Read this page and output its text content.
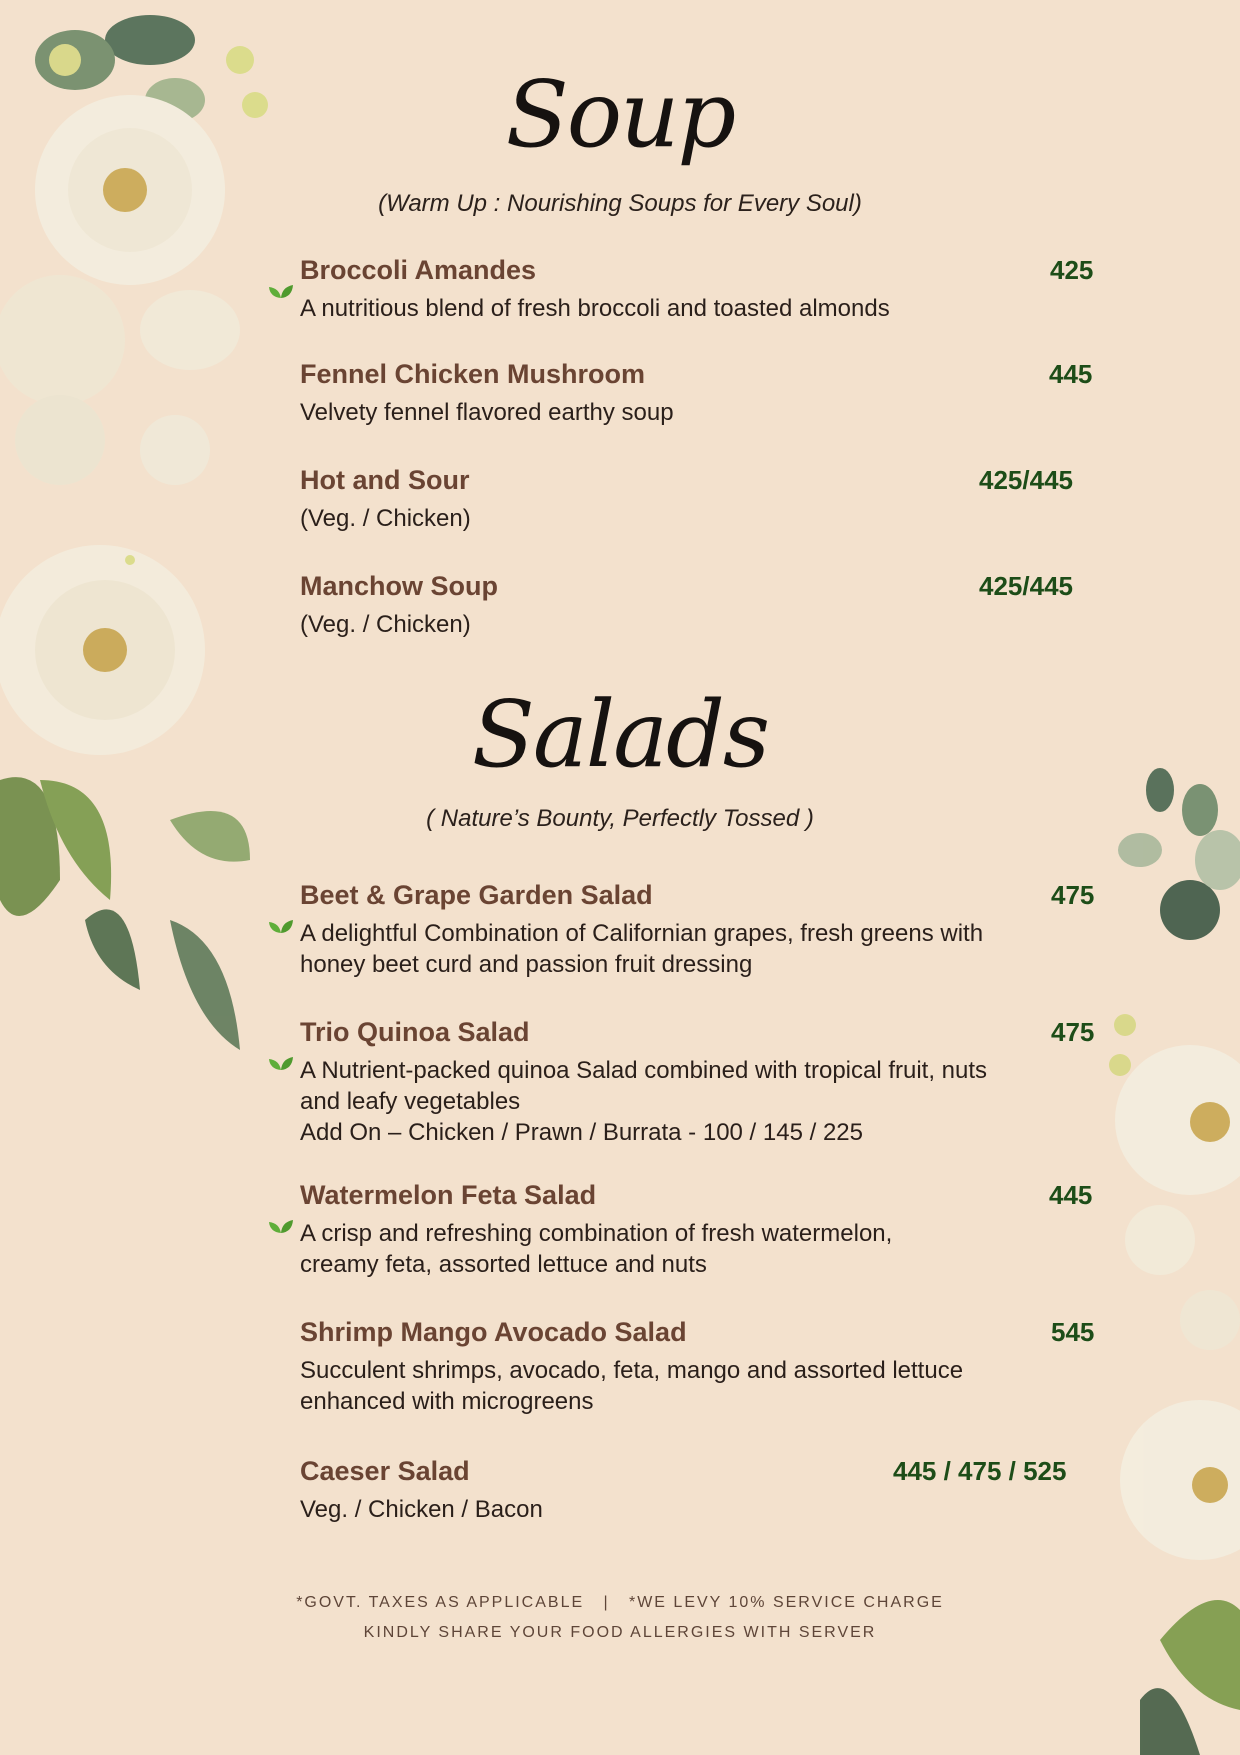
Soup
(Warm Up : Nourishing Soups for Every Soul)
Broccoli Amandes	425
A nutritious blend of fresh broccoli and toasted almonds
Fennel Chicken Mushroom	445
Velvety fennel flavored earthy soup
Hot and Sour	425/445
(Veg. / Chicken)
Manchow Soup	425/445
(Veg. / Chicken)
Salads
( Nature’s Bounty, Perfectly Tossed )
Beet & Grape Garden Salad	475
A delightful Combination of Californian grapes, fresh greens with
honey beet curd and passion fruit dressing
Trio Quinoa Salad	475
A Nutrient-packed quinoa Salad combined with tropical fruit, nuts
and leafy vegetables
Add On – Chicken / Prawn / Burrata - 100 / 145 / 225
Watermelon Feta Salad	445
A crisp and refreshing combination of fresh watermelon,
creamy feta, assorted lettuce and nuts
Shrimp Mango Avocado Salad	545
Succulent shrimps, avocado, feta, mango and assorted lettuce
enhanced with microgreens
Caeser Salad	445 / 475 / 525
Veg. / Chicken / Bacon
*GOVT. TAXES AS APPLICABLE   |   *WE LEVY 10% SERVICE CHARGE
KINDLY SHARE YOUR FOOD ALLERGIES WITH SERVER
